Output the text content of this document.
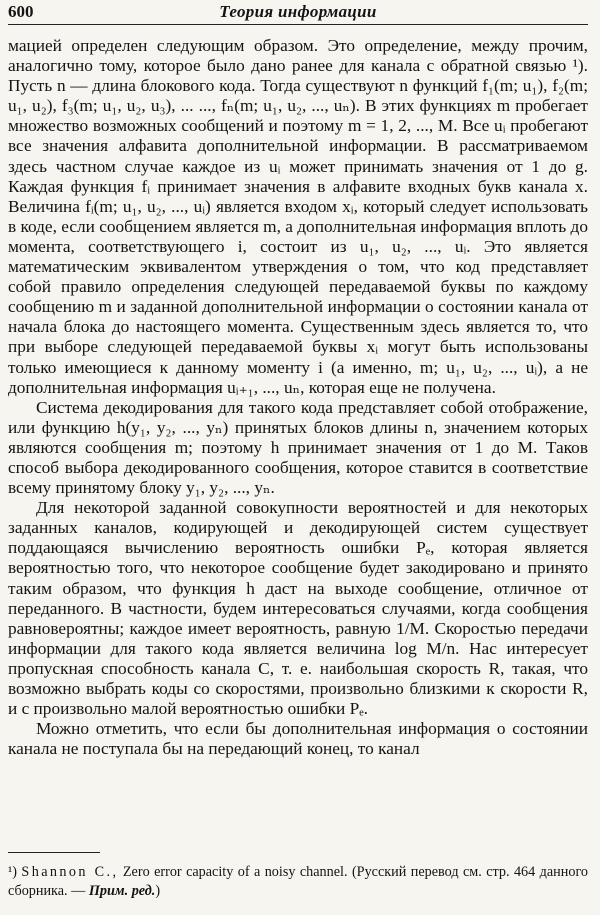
600	Теория информации

мацией определен следующим образом. Это определение, между прочим, аналогично тому, которое было дано ранее для канала с обратной связью ¹). Пусть n — длина блокового кода. Тогда существуют n функций f₁(m; u₁), f₂(m; u₁, u₂), f₃(m; u₁, u₂, u₃), ... ..., fₙ(m; u₁, u₂, ..., uₙ). В этих функциях m пробегает множество возможных сообщений и поэтому m = 1, 2, ..., M. Все uᵢ пробегают все значения алфавита дополнительной информации. В рассматриваемом здесь частном случае каждое из uᵢ может принимать значения от 1 до g. Каждая функция fᵢ принимает значения в алфавите входных букв канала x. Величина fᵢ(m; u₁, u₂, ..., uᵢ) является входом xᵢ, который следует использовать в коде, если сообщением является m, а дополнительная информация вплоть до момента, соответствующего i, состоит из u₁, u₂, ..., uᵢ. Это является математическим эквивалентом утверждения о том, что код представляет собой правило определения следующей передаваемой буквы по каждому сообщению m и заданной дополнительной информации о состоянии канала от начала блока до настоящего момента. Существенным здесь является то, что при выборе следующей передаваемой буквы xᵢ могут быть использованы только имеющиеся к данному моменту i (а именно, m; u₁, u₂, ..., uᵢ), а не дополнительная информация uᵢ₊₁, ..., uₙ, которая еще не получена.

Система декодирования для такого кода представляет собой отображение, или функцию h(y₁, y₂, ..., yₙ) принятых блоков длины n, значением которых являются сообщения m; поэтому h принимает значения от 1 до M. Таков способ выбора декодированного сообщения, которое ставится в соответствие всему принятому блоку y₁, y₂, ..., yₙ.

Для некоторой заданной совокупности вероятностей и для некоторых заданных каналов, кодирующей и декодирующей систем существует поддающаяся вычислению вероятность ошибки Pₑ, которая является вероятностью того, что некоторое сообщение будет закодировано и принято таким образом, что функция h даст на выходе сообщение, отличное от переданного. В частности, будем интересоваться случаями, когда сообщения равновероятны; каждое имеет вероятность, равную 1/M. Скоростью передачи информации для такого кода является величина log M/n. Нас интересует пропускная способность канала C, т. е. наибольшая скорость R, такая, что возможно выбрать коды со скоростями, произвольно близкими к скорости R, и с произвольно малой вероятностью ошибки Pₑ.

Можно отметить, что если бы дополнительная информация о состоянии канала не поступала бы на передающий конец, то канал

¹) Shannon C., Zero error capacity of a noisy channel. (Русский перевод см. стр. 464 данного сборника. — Прим. ред.)
